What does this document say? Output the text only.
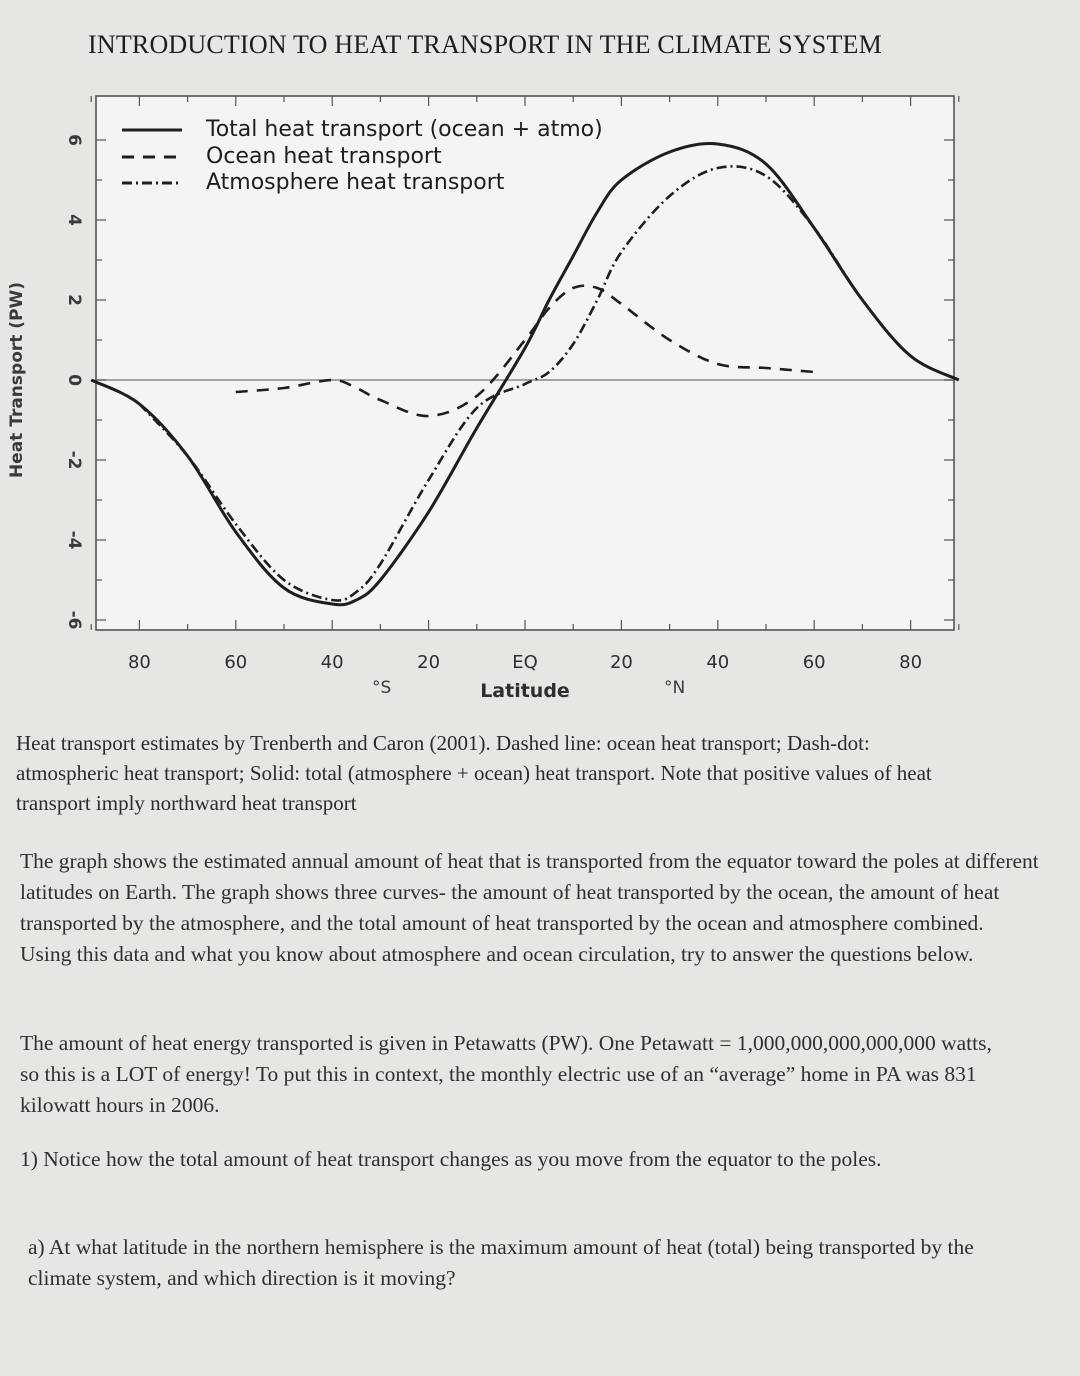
INTRODUCTION TO HEAT TRANSPORT IN THE CLIMATE SYSTEM
6
4
2
0
-2
-4
-6
80	60	40	20	EQ	20	40	60	80
Heat Transport (PW)
Latitude
°S	°N
Total heat transport (ocean + atmo)
Ocean heat transport
Atmosphere heat transport
Heat transport estimates by Trenberth and Caron (2001). Dashed line: ocean heat transport; Dash-dot: atmospheric heat transport; Solid: total (atmosphere + ocean) heat transport. Note that positive values of heat transport imply northward heat transport
The graph shows the estimated annual amount of heat that is transported from the equator toward the poles at different latitudes on Earth. The graph shows three curves- the amount of heat transported by the ocean, the amount of heat transported by the atmosphere, and the total amount of heat transported by the ocean and atmosphere combined. Using this data and what you know about atmosphere and ocean circulation, try to answer the questions below.
The amount of heat energy transported is given in Petawatts (PW). One Petawatt = 1,000,000,000,000,000 watts, so this is a LOT of energy! To put this in context, the monthly electric use of an “average” home in PA was 831 kilowatt hours in 2006.
1) Notice how the total amount of heat transport changes as you move from the equator to the poles.
a) At what latitude in the northern hemisphere is the maximum amount of heat (total) being transported by the climate system, and which direction is it moving?
